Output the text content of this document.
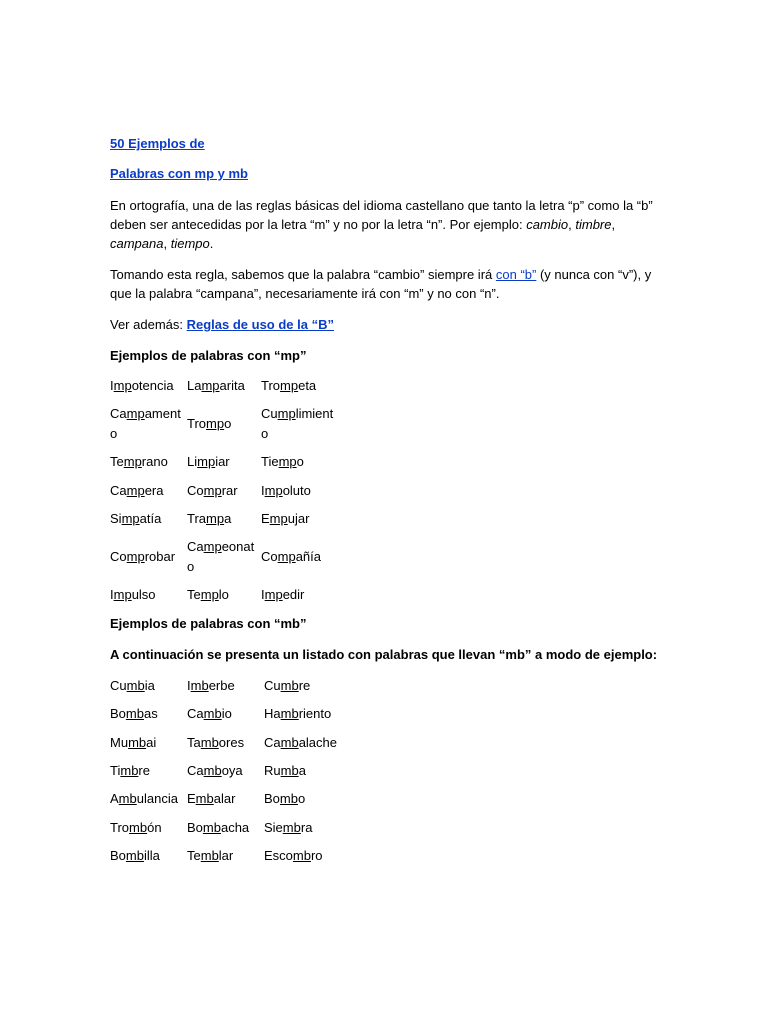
50 Ejemplos de

Palabras con mp y mb

En ortografía, una de las reglas básicas del idioma castellano que tanto la letra “p” como la “b”
deben ser antecedidas por la letra “m” y no por la letra “n”. Por ejemplo: cambio, timbre,
campana, tiempo.
Tomando esta regla, sabemos que la palabra “cambio” siempre irá con “b” (y nunca con “v”), y
que la palabra “campana”, necesariamente irá con “m” y no con “n”.

Ver además: Reglas de uso de la “B”

Ejemplos de palabras con “mp”

Impotencia Lamparita Trompeta
Campamento
Trompo
Cumplimiento
Temprano Limpiar Tiempo
Campera Comprar Impoluto
Simpatía Trampa Empujar
Comprobar
Campeonato
Compañía
Impulso Templo Impedir

Ejemplos de palabras con “mb”

A continuación se presenta un listado con palabras que llevan “mb” a modo de ejemplo:

Cumbia Imberbe Cumbre
Bombas Cambio Hambriento
Mumbai Tambores Cambalache
Timbre	Camboya Rumba
Ambulancia Embalar Bombo
Trombón Bombacha Siembra
Bombilla Temblar Escombro
